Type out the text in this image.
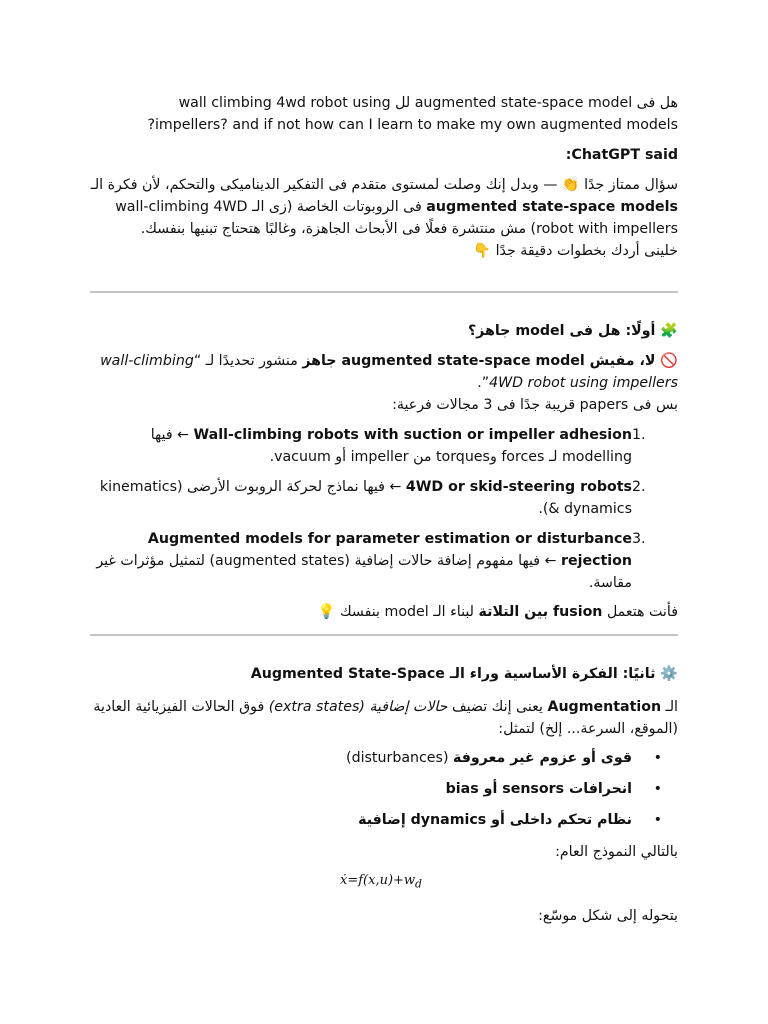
هل فى augmented state-space model لل wall climbing 4wd robot using
impellers? and if not how can I learn to make my own augmented models?
ChatGPT said:
سؤال ممتاز جدًا 👏 — وبدل إنك وصلت لمستوى متقدم فى التفكير الديناميكى والتحكم، لأن فكرة الـ augmented state-space models فى الروبوتات الخاصة (زى الـ wall-climbing 4WD robot with impellers) مش منتشرة فعلًا فى الأبحاث الجاهزة، وغالبًا هتحتاج تبنيها بنفسك.
خلينى أردك بخطوات دقيقة جدًا 👇
🧩 أولًا: هل فى model جاهز؟
🚫 لا، مفيش augmented state-space model جاهز منشور تحديدًا لـ “wall-climbing 4WD robot using impellers”.
بس فى papers قريبة جدًا فى 3 مجالات فرعية:
1.
Wall-climbing robots with suction or impeller adhesion ← فيها modelling لـ forces وtorques من impeller أو vacuum.
2.
4WD or skid-steering robots ← فيها نماذج لحركة الروبوت الأرضى (kinematics & dynamics).
3.
Augmented models for parameter estimation or disturbance rejection ← فيها مفهوم إضافة حالات إضافية (augmented states) لتمثيل مؤثرات غير مقاسة.
فأنت هتعمل fusion بين التلاتة لبناء الـ model بنفسك 💡
⚙️ ثانيًا: الفكرة الأساسية وراء الـ Augmented State-Space
الـ Augmentation يعنى إنك تضيف حالات إضافية (extra states) فوق الحالات الفيزيائية العادية (الموقع، السرعة... إلخ) لتمثل:
•
قوى أو عزوم غير معروفة (disturbances)
•
انحرافات sensors أو bias
•
نظام تحكم داخلى أو dynamics إضافية
بالتالي النموذج العام:
$ẋ=f(x,u)+w_d$
بتحوله إلى شكل موسّع:
